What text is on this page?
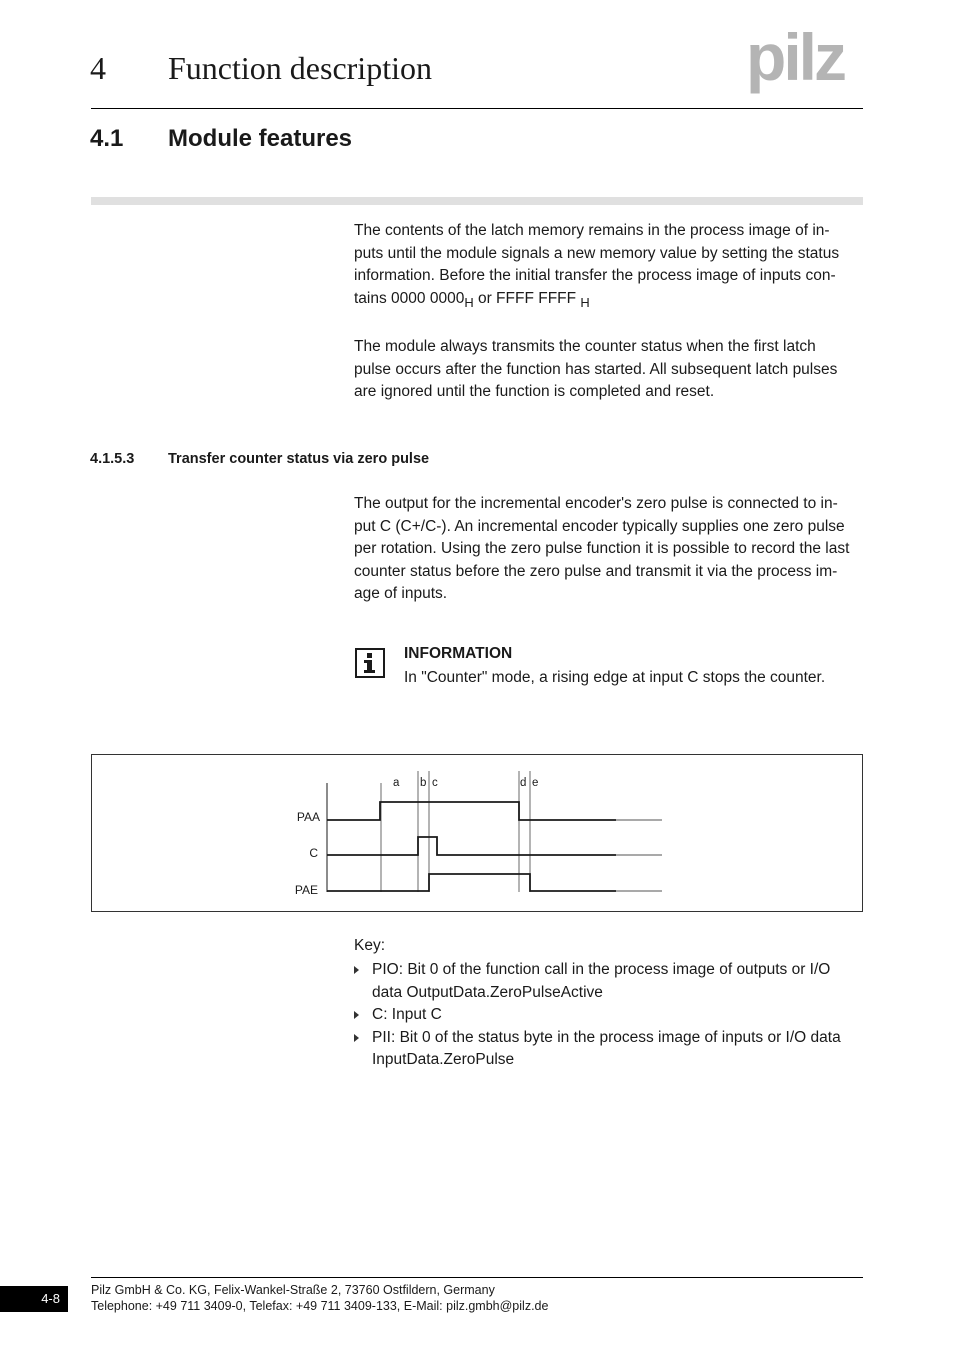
4 Function description	pilz
4.1 Module features
The contents of the latch memory remains in the process image of in-
puts until the module signals a new memory value by setting the status
information. Before the initial transfer the process image of inputs con-
tains 0000 $0000_H$ or FFFF FFFF $_H$
The module always transmits the counter status when the first latch
pulse occurs after the function has started. All subsequent latch pulses
are ignored until the function is completed and reset.
4.1.5.3 Transfer counter status via zero pulse
The output for the incremental encoder's zero pulse is connected to in-
put C (C+/C-). An incremental encoder typically supplies one zero pulse
per rotation. Using the zero pulse function it is possible to record the last
counter status before the zero pulse and transmit it via the process im-
age of inputs.
INFORMATION
In "Counter" mode, a rising edge at input C stops the counter.
a b c	d e
PAA
C
PAE
Key:
PIO: Bit 0 of the function call in the process image of outputs or I/O
data OutputData.ZeroPulseActive
C: Input C
PII: Bit 0 of the status byte in the process image of inputs or I/O data
InputData.ZeroPulse
4-8
Pilz GmbH & Co. KG, Felix-Wankel-Straße 2, 73760 Ostfildern, Germany
Telephone: +49 711 3409-0, Telefax: +49 711 3409-133, E-Mail: pilz.gmbh@pilz.de
